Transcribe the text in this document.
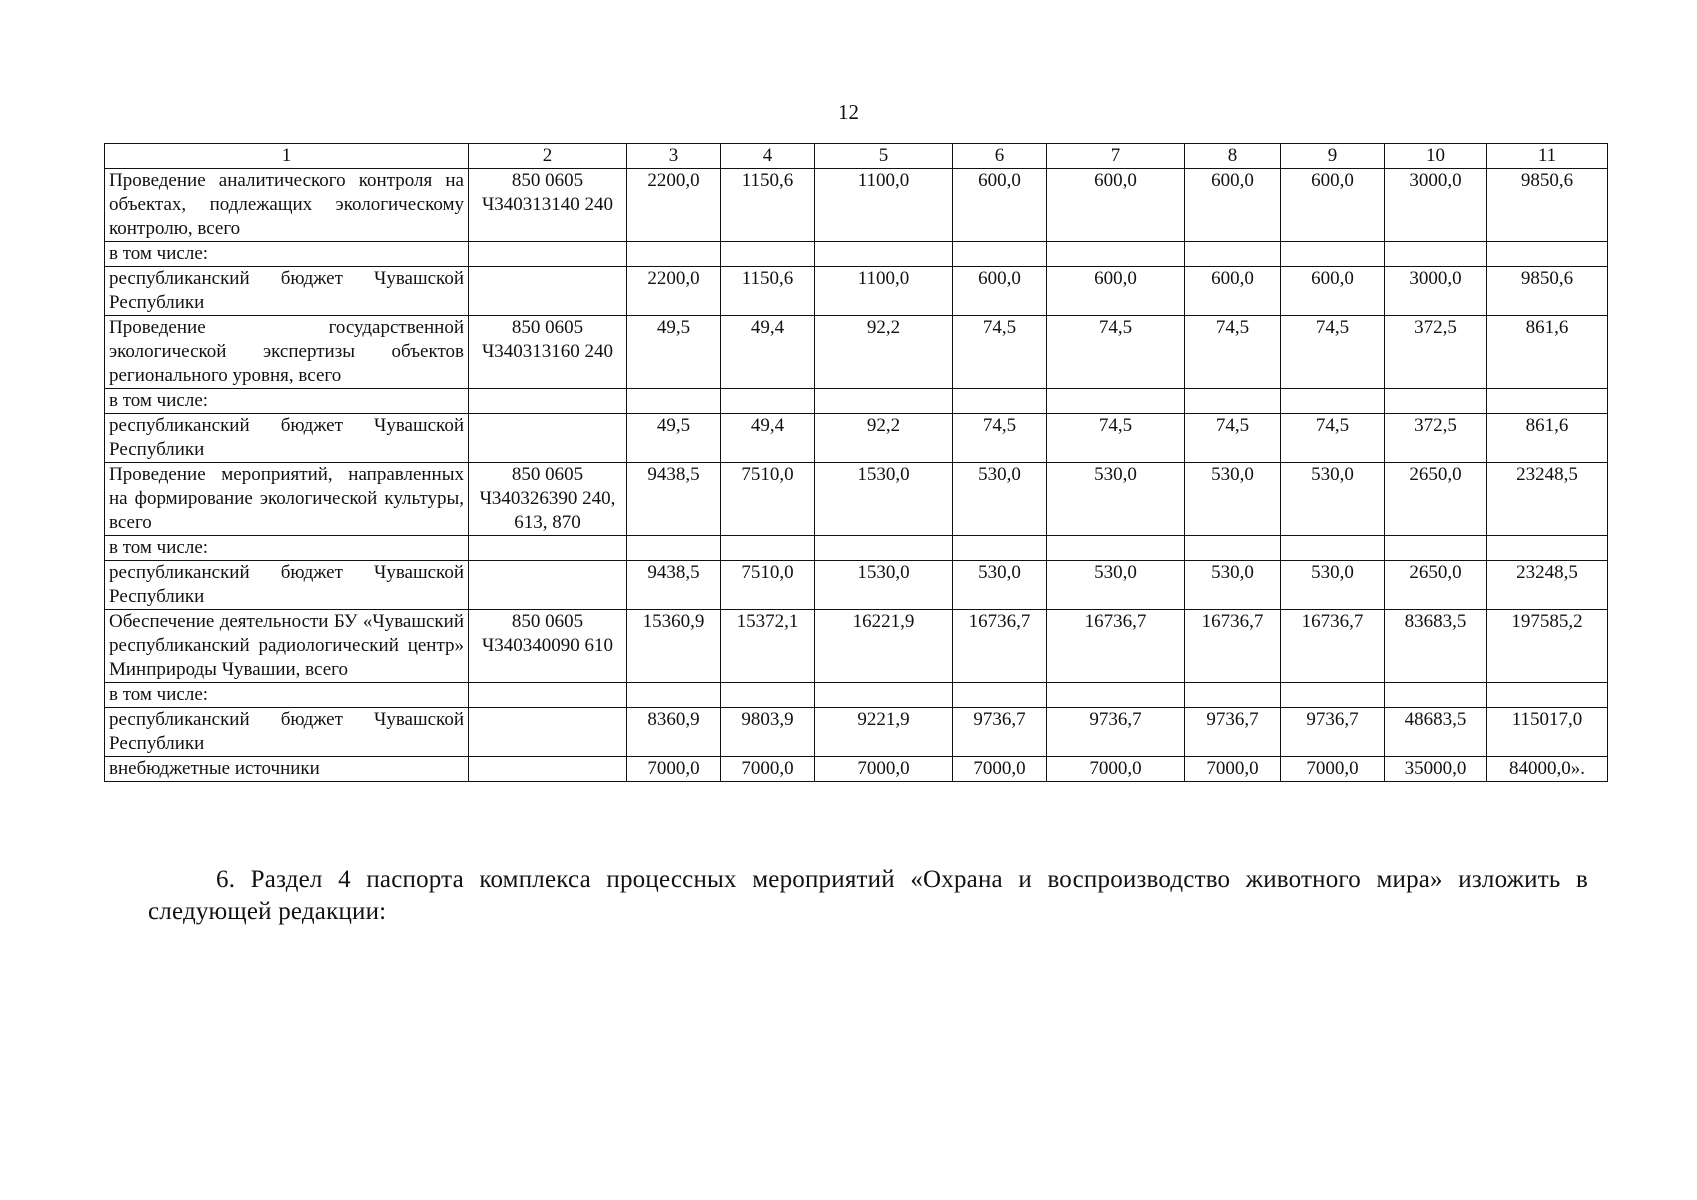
12
1	2	3	4	5	6	7	8	9	10	11
Проведение аналитического контроля на объектах, подлежащих экологическому контролю, всего	850 0605 Ч340313140 240	2200,0	1150,6	1100,0	600,0	600,0	600,0	600,0	3000,0	9850,6
в том числе:										
республиканский бюджет Чувашской Республики		2200,0	1150,6	1100,0	600,0	600,0	600,0	600,0	3000,0	9850,6
Проведение государственной экологической экспертизы объектов регионального уровня, всего	850 0605 Ч340313160 240	49,5	49,4	92,2	74,5	74,5	74,5	74,5	372,5	861,6
в том числе:										
республиканский бюджет Чувашской Республики		49,5	49,4	92,2	74,5	74,5	74,5	74,5	372,5	861,6
Проведение мероприятий, направленных на формирование экологической культуры, всего	850 0605 Ч340326390 240, 613, 870	9438,5	7510,0	1530,0	530,0	530,0	530,0	530,0	2650,0	23248,5
в том числе:										
республиканский бюджет Чувашской Республики		9438,5	7510,0	1530,0	530,0	530,0	530,0	530,0	2650,0	23248,5
Обеспечение деятельности БУ «Чувашский республиканский радиологический центр» Минприроды Чувашии, всего	850 0605 Ч340340090 610	15360,9	15372,1	16221,9	16736,7	16736,7	16736,7	16736,7	83683,5	197585,2
в том числе:										
республиканский бюджет Чувашской Республики		8360,9	9803,9	9221,9	9736,7	9736,7	9736,7	9736,7	48683,5	115017,0
внебюджетные источники		7000,0	7000,0	7000,0	7000,0	7000,0	7000,0	7000,0	35000,0	84000,0».
6. Раздел 4 паспорта комплекса процессных мероприятий «Охрана и воспроизводство животного мира» изложить в следующей редакции:
